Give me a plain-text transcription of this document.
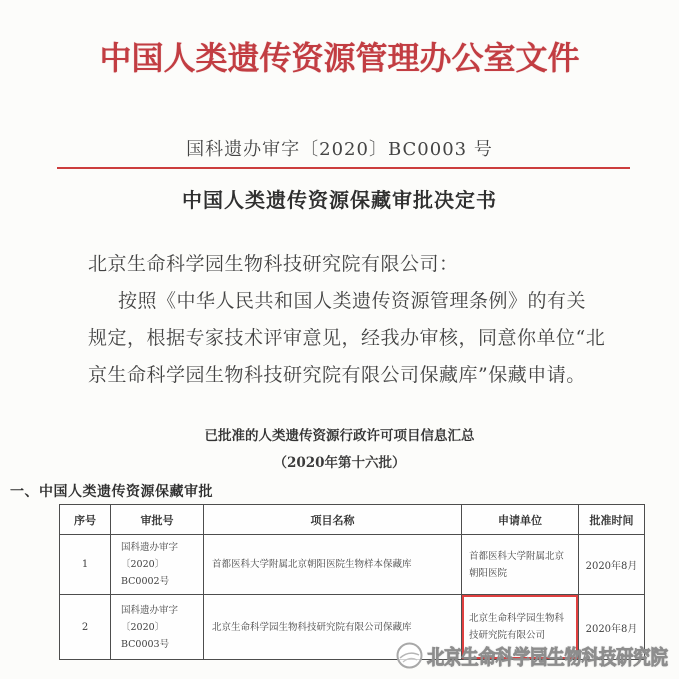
中国人类遗传资源管理办公室文件
国科遗办审字〔2020〕BC0003 号
中国人类遗传资源保藏审批决定书
北京生命科学园生物科技研究院有限公司：
按照《中华人民共和国人类遗传资源管理条例》的有关
规定，根据专家技术评审意见，经我办审核，同意你单位“北
京生命科学园生物科技研究院有限公司保藏库”保藏申请。
已批准的人类遗传资源行政许可项目信息汇总
（2020年第十六批）
一、中国人类遗传资源保藏审批
序号	审批号	项目名称	申请单位	批准时间
1	国科遗办审字 〔2020〕BC0002号	首都医科大学附属北京朝阳医院生物样本保藏库	首都医科大学附属北京朝阳医院	2020年8月
2	国科遗办审字 〔2020〕BC0003号	北京生命科学园生物科技研究院有限公司保藏库	北京生命科学园生物科技研究院有限公司	2020年8月
北京生命科学园生物科技研究院
